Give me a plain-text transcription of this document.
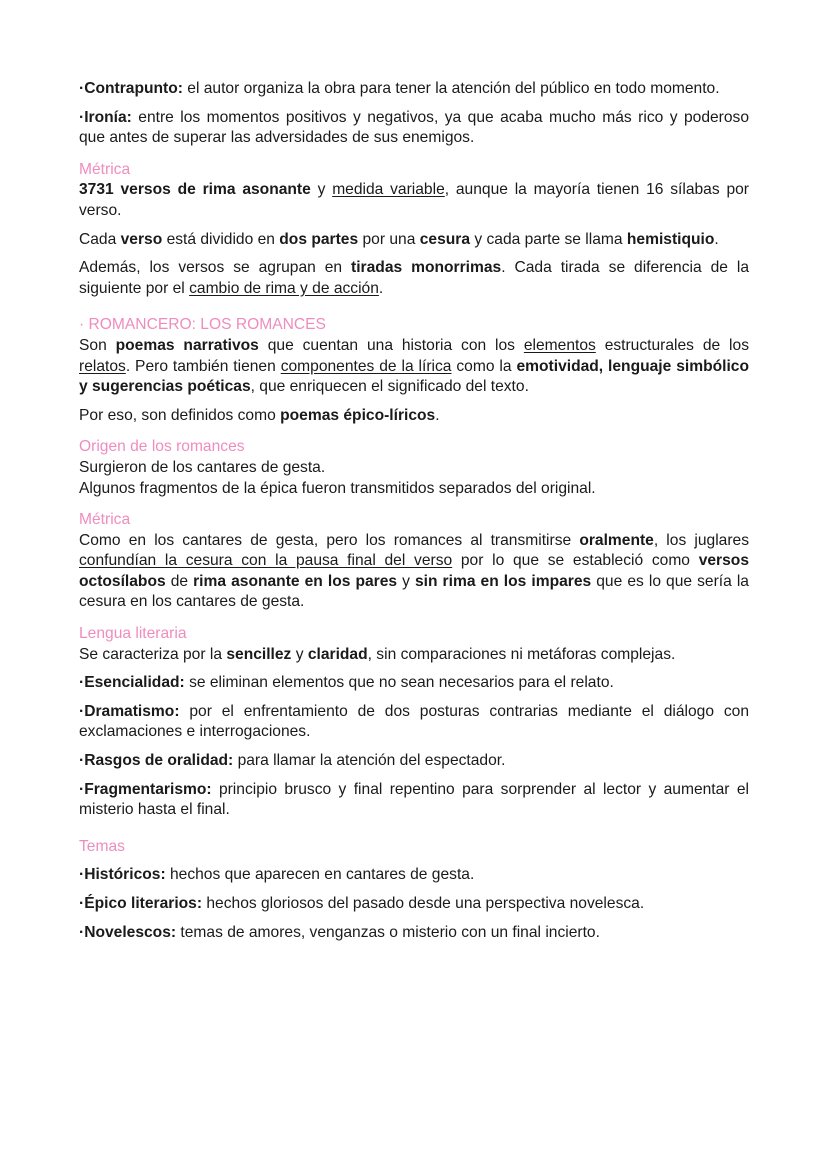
·Contrapunto: el autor organiza la obra para tener la atención del público en todo momento.

·Ironía: entre los momentos positivos y negativos, ya que acaba mucho más rico y poderoso que antes de superar las adversidades de sus enemigos.

Métrica

3731 versos de rima asonante y medida variable, aunque la mayoría tienen 16 sílabas por verso.

Cada verso está dividido en dos partes por una cesura y cada parte se llama hemistiquio.

Además, los versos se agrupan en tiradas monorrimas. Cada tirada se diferencia de la siguiente por el cambio de rima y de acción.

· ROMANCERO: LOS ROMANCES

Son poemas narrativos que cuentan una historia con los elementos estructurales de los relatos. Pero también tienen componentes de la lírica como la emotividad, lenguaje simbólico y sugerencias poéticas, que enriquecen el significado del texto.

Por eso, son definidos como poemas épico-líricos.

Origen de los romances

Surgieron de los cantares de gesta.

Algunos fragmentos de la épica fueron transmitidos separados del original.

Métrica

Como en los cantares de gesta, pero los romances al transmitirse oralmente, los juglares confundían la cesura con la pausa final del verso por lo que se estableció como versos octosílabos de rima asonante en los pares y sin rima en los impares que es lo que sería la cesura en los cantares de gesta.

Lengua literaria

Se caracteriza por la sencillez y claridad, sin comparaciones ni metáforas complejas.

·Esencialidad: se eliminan elementos que no sean necesarios para el relato.

·Dramatismo: por el enfrentamiento de dos posturas contrarias mediante el diálogo con exclamaciones e interrogaciones.

·Rasgos de oralidad: para llamar la atención del espectador.

·Fragmentarismo: principio brusco y final repentino para sorprender al lector y aumentar el misterio hasta el final.

Temas

·Históricos: hechos que aparecen en cantares de gesta.

·Épico literarios: hechos gloriosos del pasado desde una perspectiva novelesca.

·Novelescos: temas de amores, venganzas o misterio con un final incierto.
